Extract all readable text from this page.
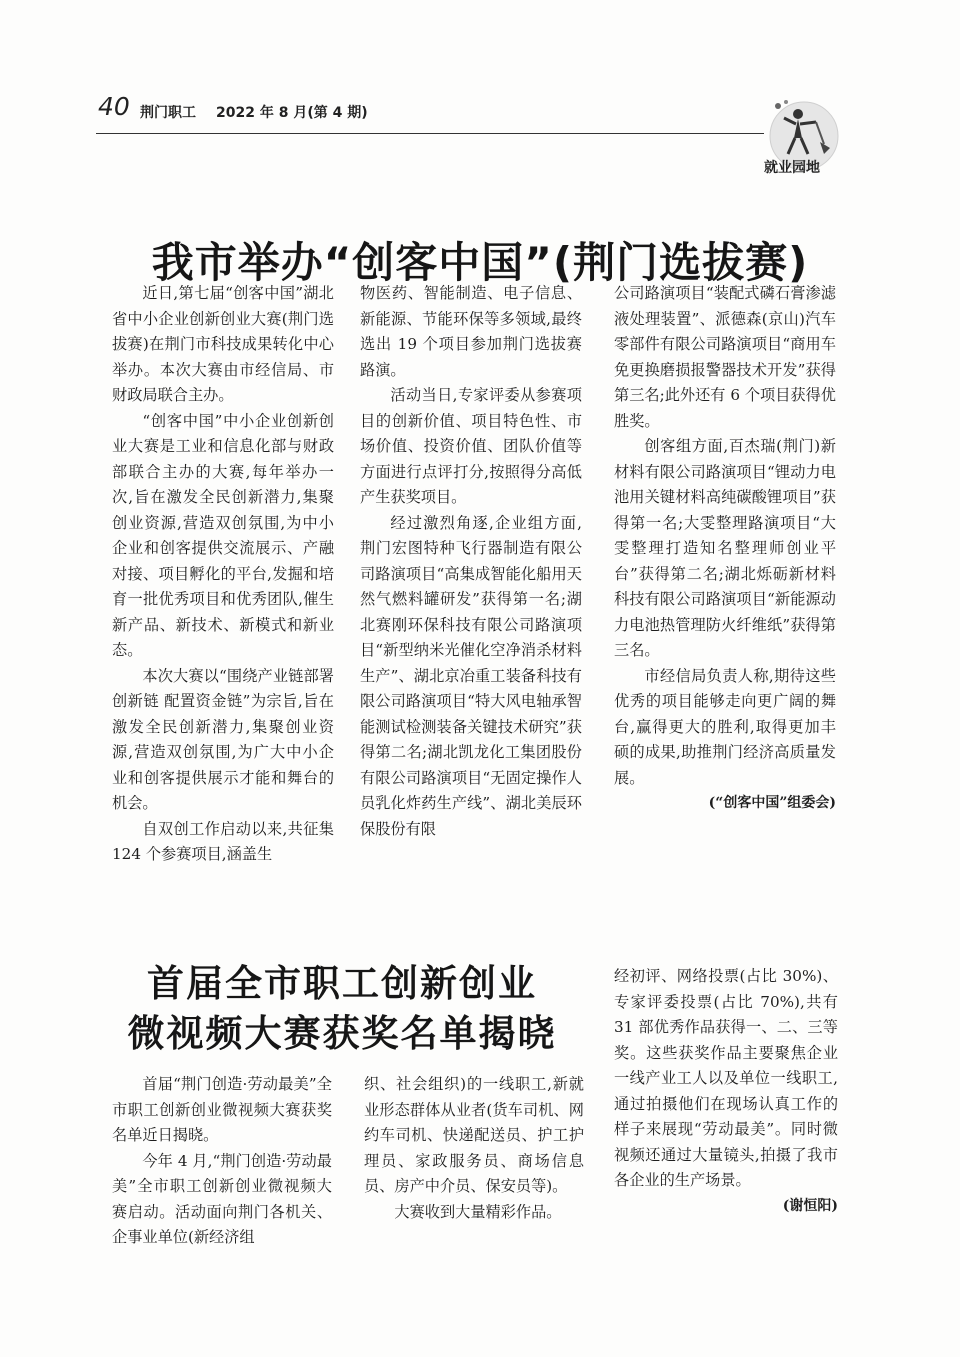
40 荆门职工 2022 年 8 月(第 4 期)
就业园地
我市举办“创客中国”(荆门选拔赛)

近日,第七届“创客中国”湖北省中小企业创新创业大赛(荆门选拔赛)在荆门市科技成果转化中心举办。本次大赛由市经信局、市财政局联合主办。

“创客中国”中小企业创新创业大赛是工业和信息化部与财政部联合主办的大赛,每年举办一次,旨在激发全民创新潜力,集聚创业资源,营造双创氛围,为中小企业和创客提供交流展示、产融对接、项目孵化的平台,发掘和培育一批优秀项目和优秀团队,催生新产品、新技术、新模式和新业态。

本次大赛以“围绕产业链部署创新链 配置资金链”为宗旨,旨在激发全民创新潜力,集聚创业资源,营造双创氛围,为广大中小企业和创客提供展示才能和舞台的机会。

自双创工作启动以来,共征集 124 个参赛项目,涵盖生

物医药、智能制造、电子信息、新能源、节能环保等多领域,最终选出 19 个项目参加荆门选拔赛路演。

活动当日,专家评委从参赛项目的创新价值、项目特色性、市场价值、投资价值、团队价值等方面进行点评打分,按照得分高低产生获奖项目。

经过激烈角逐,企业组方面,荆门宏图特种飞行器制造有限公司路演项目“高集成智能化船用天然气燃料罐研发”获得第一名;湖北赛刚环保科技有限公司路演项目“新型纳米光催化空净消杀材料生产”、湖北京冶重工装备科技有限公司路演项目“特大风电轴承智能测试检测装备关键技术研究”获得第二名;湖北凯龙化工集团股份有限公司路演项目“无固定操作人员乳化炸药生产线”、湖北美辰环保股份有限

公司路演项目“装配式磷石膏渗滤液处理装置”、派德森(京山)汽车零部件有限公司路演项目“商用车免更换磨损报警器技术开发”获得第三名;此外还有 6 个项目获得优胜奖。

创客组方面,百杰瑞(荆门)新材料有限公司路演项目“锂动力电池用关键材料高纯碳酸锂项目”获得第一名;大雯整理路演项目“大雯整理打造知名整理师创业平台”获得第二名;湖北烁砺新材料科技有限公司路演项目“新能源动力电池热管理防火纤维纸”获得第三名。

市经信局负责人称,期待这些优秀的项目能够走向更广阔的舞台,赢得更大的胜利,取得更加丰硕的成果,助推荆门经济高质量发展。

(“创客中国”组委会)

首届全市职工创新创业
微视频大赛获奖名单揭晓

首届“荆门创造·劳动最美”全市职工创新创业微视频大赛获奖名单近日揭晓。

今年 4 月,“荆门创造·劳动最美”全市职工创新创业微视频大赛启动。活动面向荆门各机关、企事业单位(新经济组

织、社会组织)的一线职工,新就业形态群体从业者(货车司机、网约车司机、快递配送员、护工护理员、家政服务员、商场信息员、房产中介员、保安员等)。

大赛收到大量精彩作品。

经初评、网络投票(占比 30%)、专家评委投票(占比 70%),共有 31 部优秀作品获得一、二、三等奖。这些获奖作品主要聚焦企业一线产业工人以及单位一线职工,通过拍摄他们在现场认真工作的样子来展现“劳动最美”。同时微视频还通过大量镜头,拍摄了我市各企业的生产场景。

(谢恒阳)
